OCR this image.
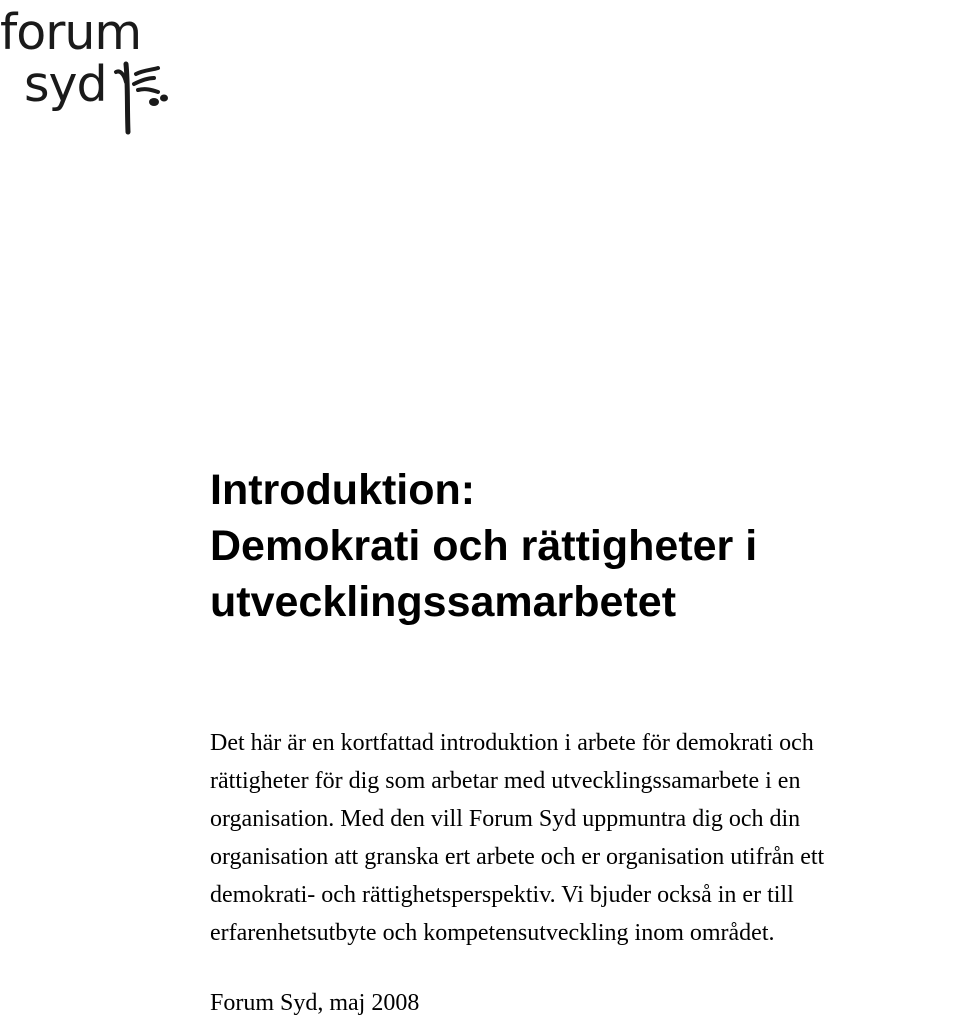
forum
syd
Introduktion:
Demokrati och rättigheter i
utvecklingssamarbetet
Det här är en kortfattad introduktion i arbete för demokrati och
rättigheter för dig som arbetar med utvecklingssamarbete i en
organisation. Med den vill Forum Syd uppmuntra dig och din
organisation att granska ert arbete och er organisation utifrån ett
demokrati- och rättighetsperspektiv. Vi bjuder också in er till
erfarenhetsutbyte och kompetensutveckling inom området.
Forum Syd, maj 2008
